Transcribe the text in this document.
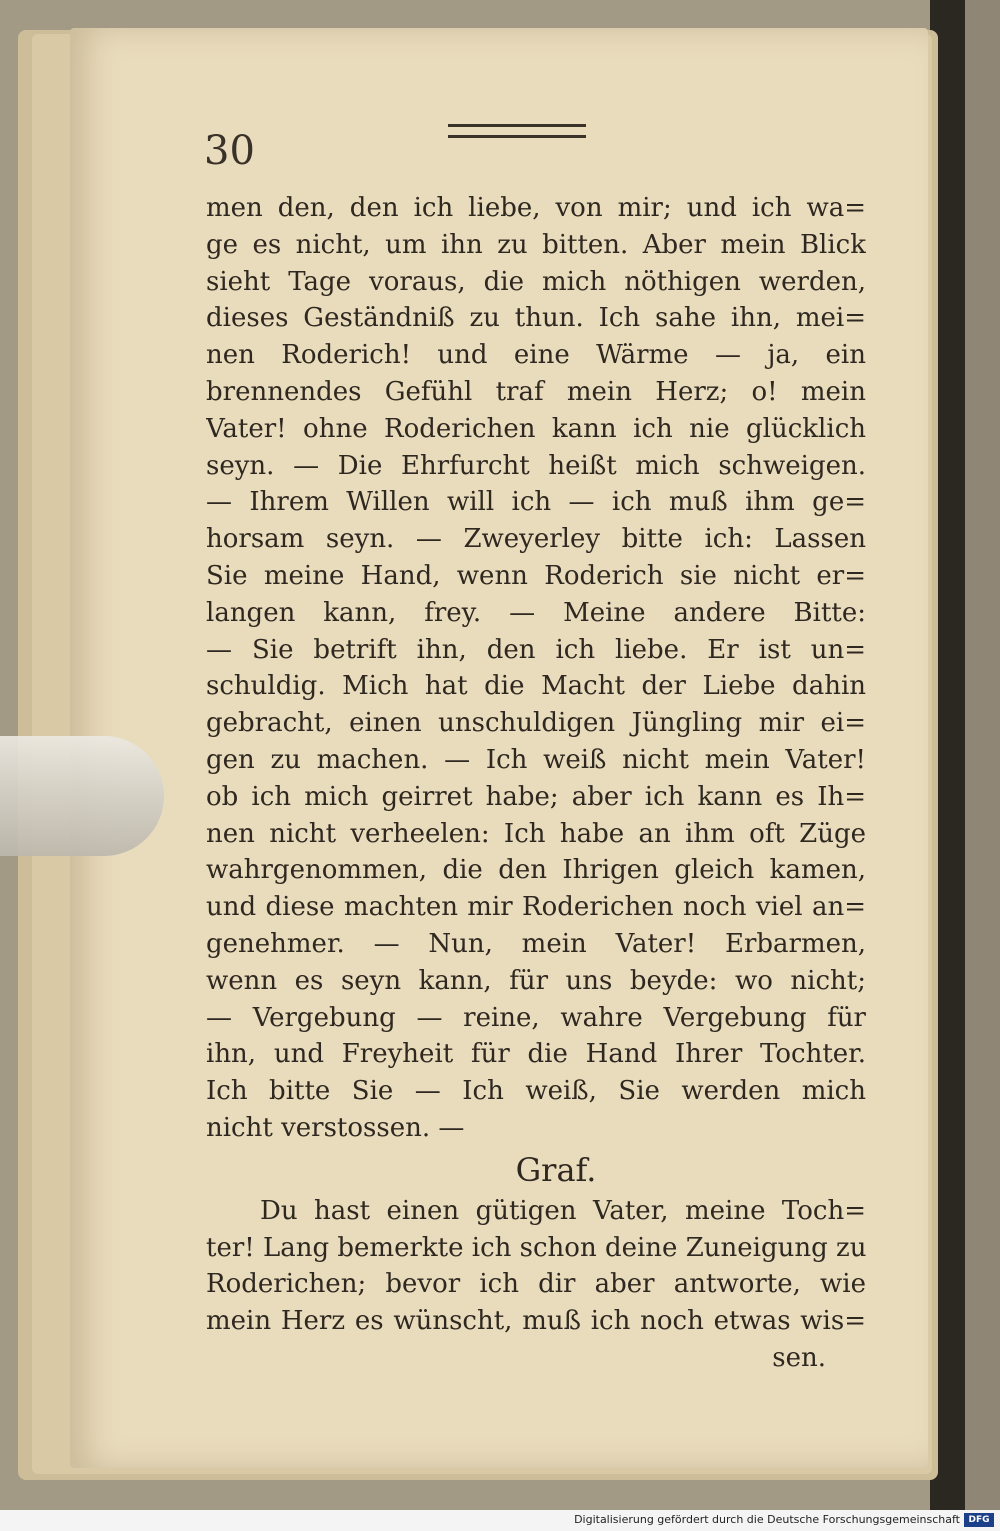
30
men den, den ich liebe, von mir; und ich wa=
ge es nicht, um ihn zu bitten. Aber mein Blick
sieht Tage voraus, die mich nöthigen werden,
dieses Geständniß zu thun. Ich sahe ihn, mei=
nen Roderich! und eine Wärme — ja, ein
brennendes Gefühl traf mein Herz; o! mein
Vater! ohne Roderichen kann ich nie glücklich
seyn. — Die Ehrfurcht heißt mich schweigen.
— Ihrem Willen will ich — ich muß ihm ge=
horsam seyn. — Zweyerley bitte ich: Lassen
Sie meine Hand, wenn Roderich sie nicht er=
langen kann, frey. — Meine andere Bitte:
— Sie betrift ihn, den ich liebe. Er ist un=
schuldig. Mich hat die Macht der Liebe dahin
gebracht, einen unschuldigen Jüngling mir ei=
gen zu machen. — Ich weiß nicht mein Vater!
ob ich mich geirret habe; aber ich kann es Ih=
nen nicht verheelen: Ich habe an ihm oft Züge
wahrgenommen, die den Ihrigen gleich kamen,
und diese machten mir Roderichen noch viel an=
genehmer. — Nun, mein Vater! Erbarmen,
wenn es seyn kann, für uns beyde: wo nicht;
— Vergebung — reine, wahre Vergebung für
ihn, und Freyheit für die Hand Ihrer Tochter.
Ich bitte Sie — Ich weiß, Sie werden mich
nicht verstossen. —
Graf.
Du hast einen gütigen Vater, meine Toch=
ter! Lang bemerkte ich schon deine Zuneigung zu
Roderichen; bevor ich dir aber antworte, wie
mein Herz es wünscht, muß ich noch etwas wis=
sen.
Digitalisierung gefördert durch die Deutsche Forschungsgemeinschaft DFG
